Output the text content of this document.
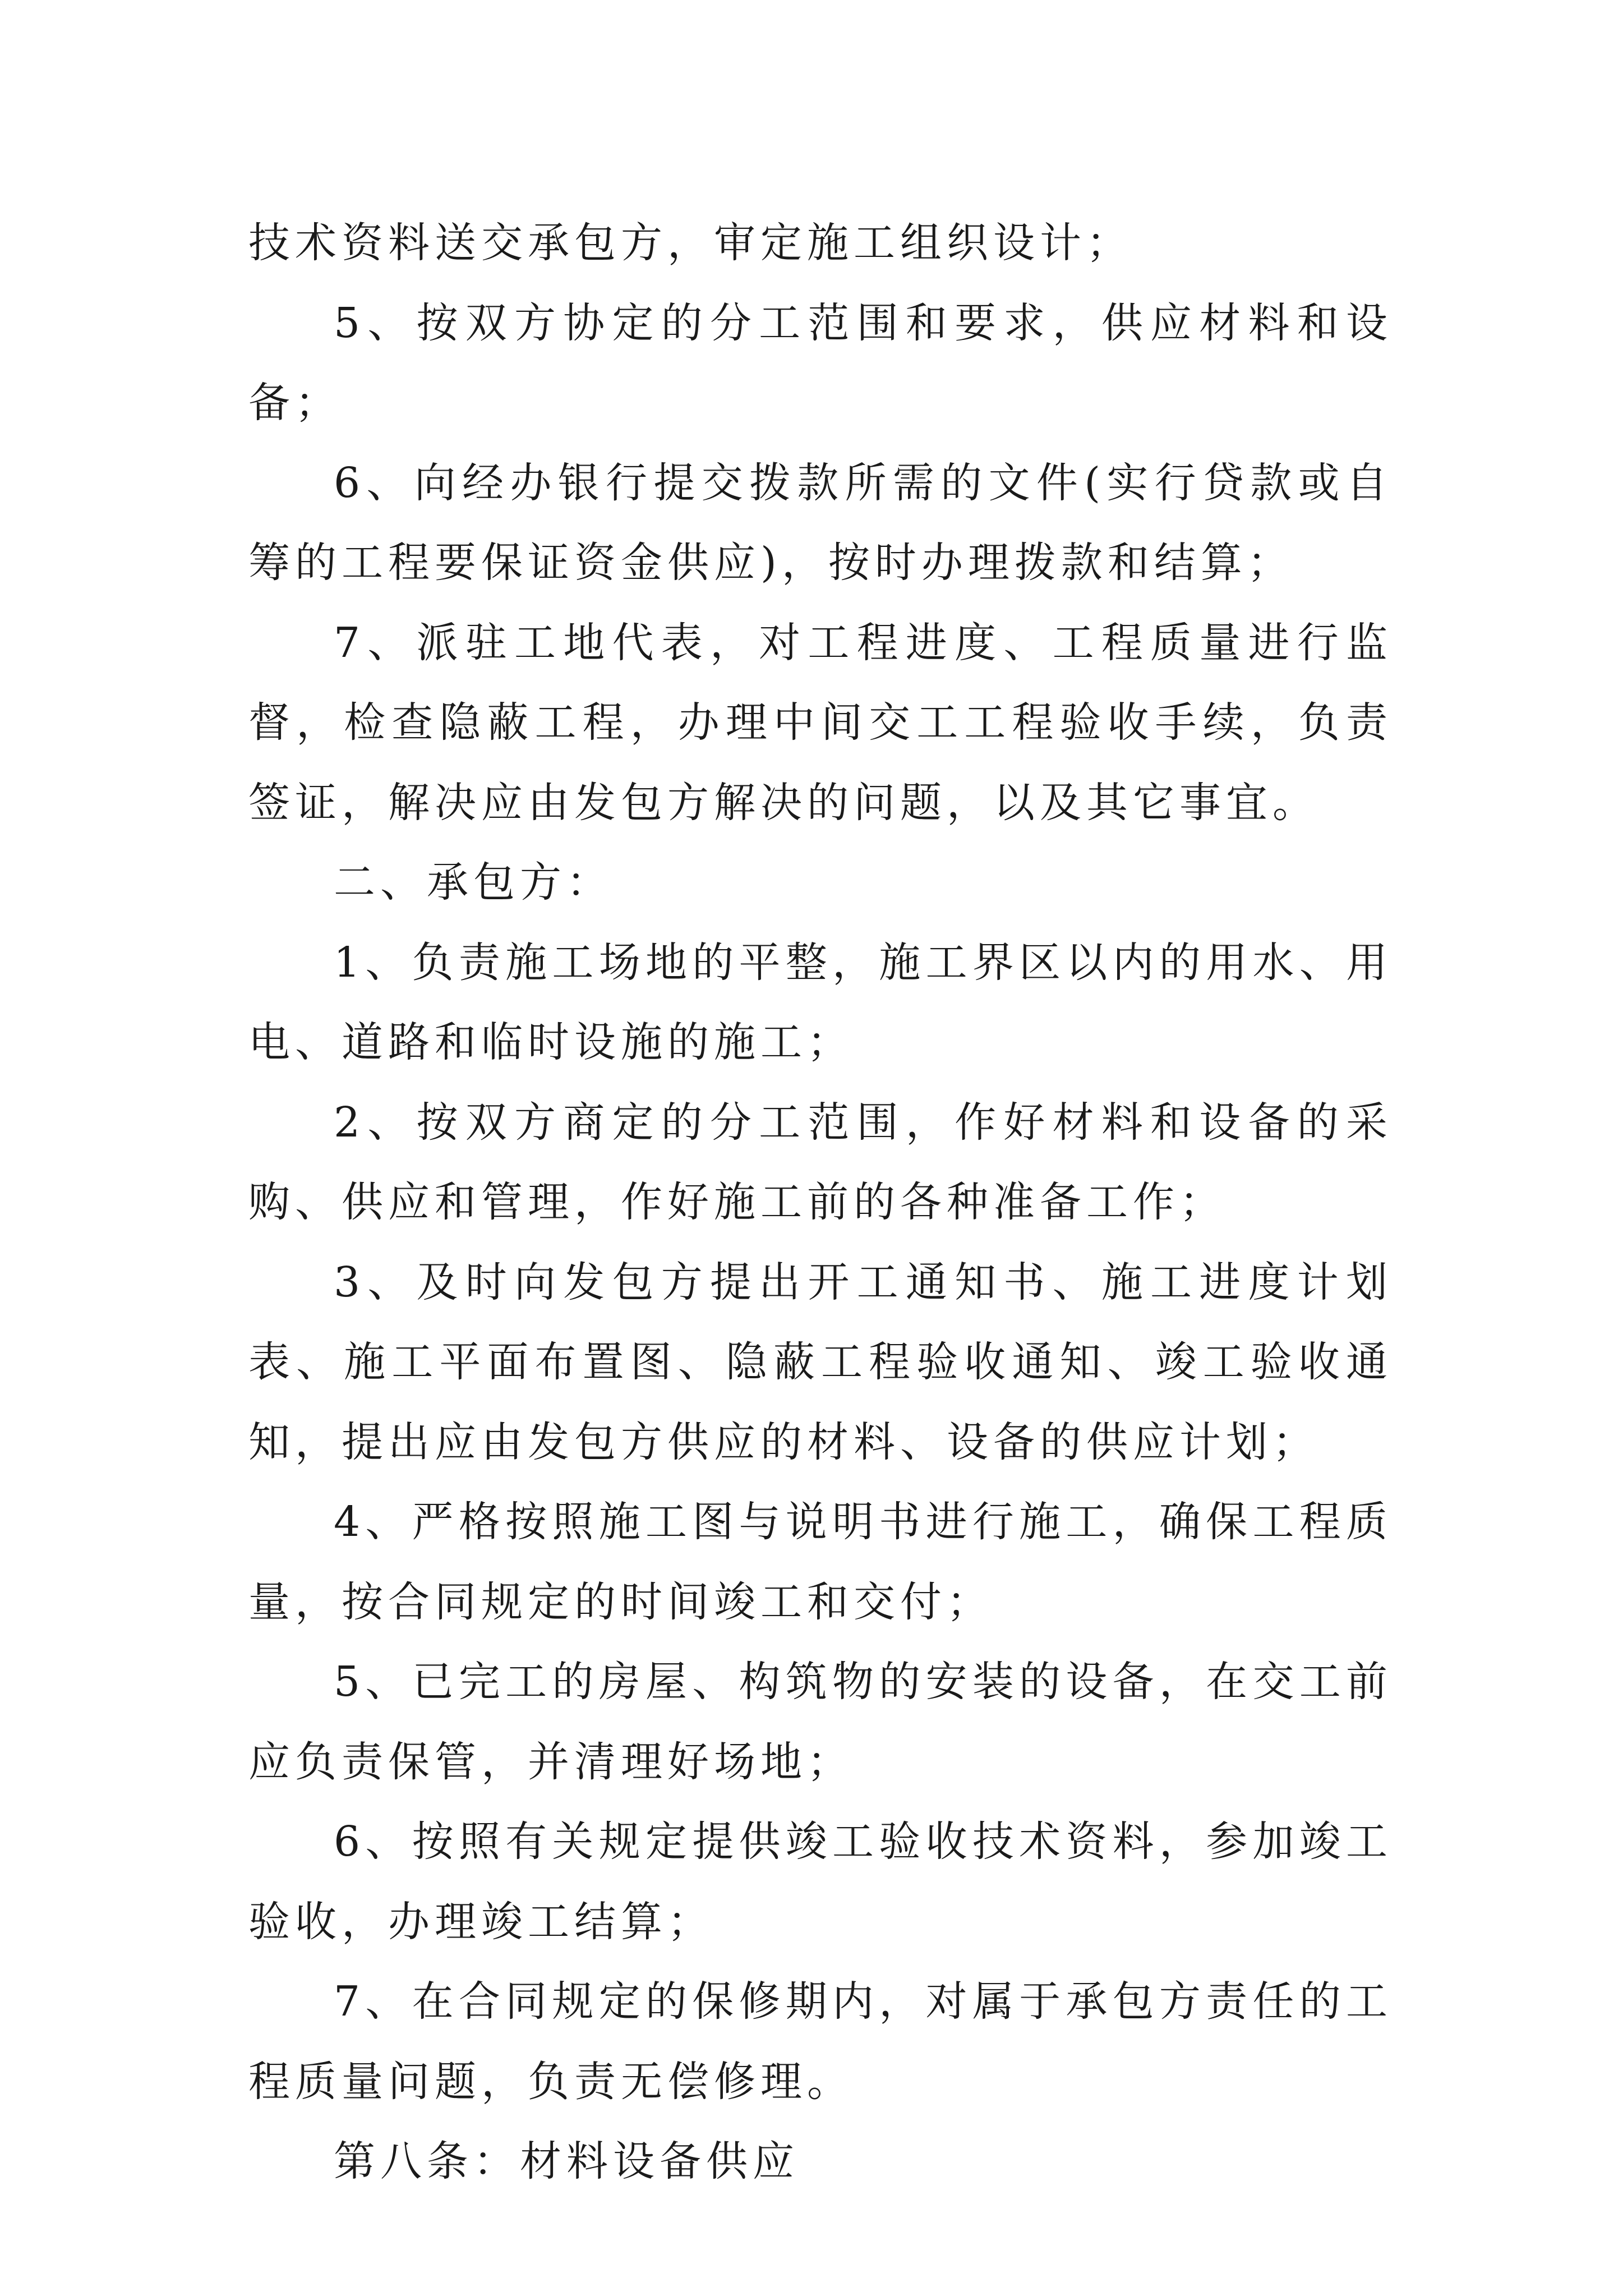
技术资料送交承包方，审定施工组织设计；

5、按双方协定的分工范围和要求，供应材料和设备；

6、向经办银行提交拨款所需的文件(实行贷款或自筹的工程要保证资金供应)，按时办理拨款和结算；

7、派驻工地代表，对工程进度、工程质量进行监督，检查隐蔽工程，办理中间交工工程验收手续，负责签证，解决应由发包方解决的问题，以及其它事宜。

二、承包方：

1、负责施工场地的平整，施工界区以内的用水、用电、道路和临时设施的施工；

2、按双方商定的分工范围，作好材料和设备的采购、供应和管理，作好施工前的各种准备工作；

3、及时向发包方提出开工通知书、施工进度计划表、施工平面布置图、隐蔽工程验收通知、竣工验收通知，提出应由发包方供应的材料、设备的供应计划；

4、严格按照施工图与说明书进行施工，确保工程质量，按合同规定的时间竣工和交付；

5、已完工的房屋、构筑物的安装的设备，在交工前应负责保管，并清理好场地；

6、按照有关规定提供竣工验收技术资料，参加竣工验收，办理竣工结算；

7、在合同规定的保修期内，对属于承包方责任的工程质量问题，负责无偿修理。

第八条：材料设备供应
